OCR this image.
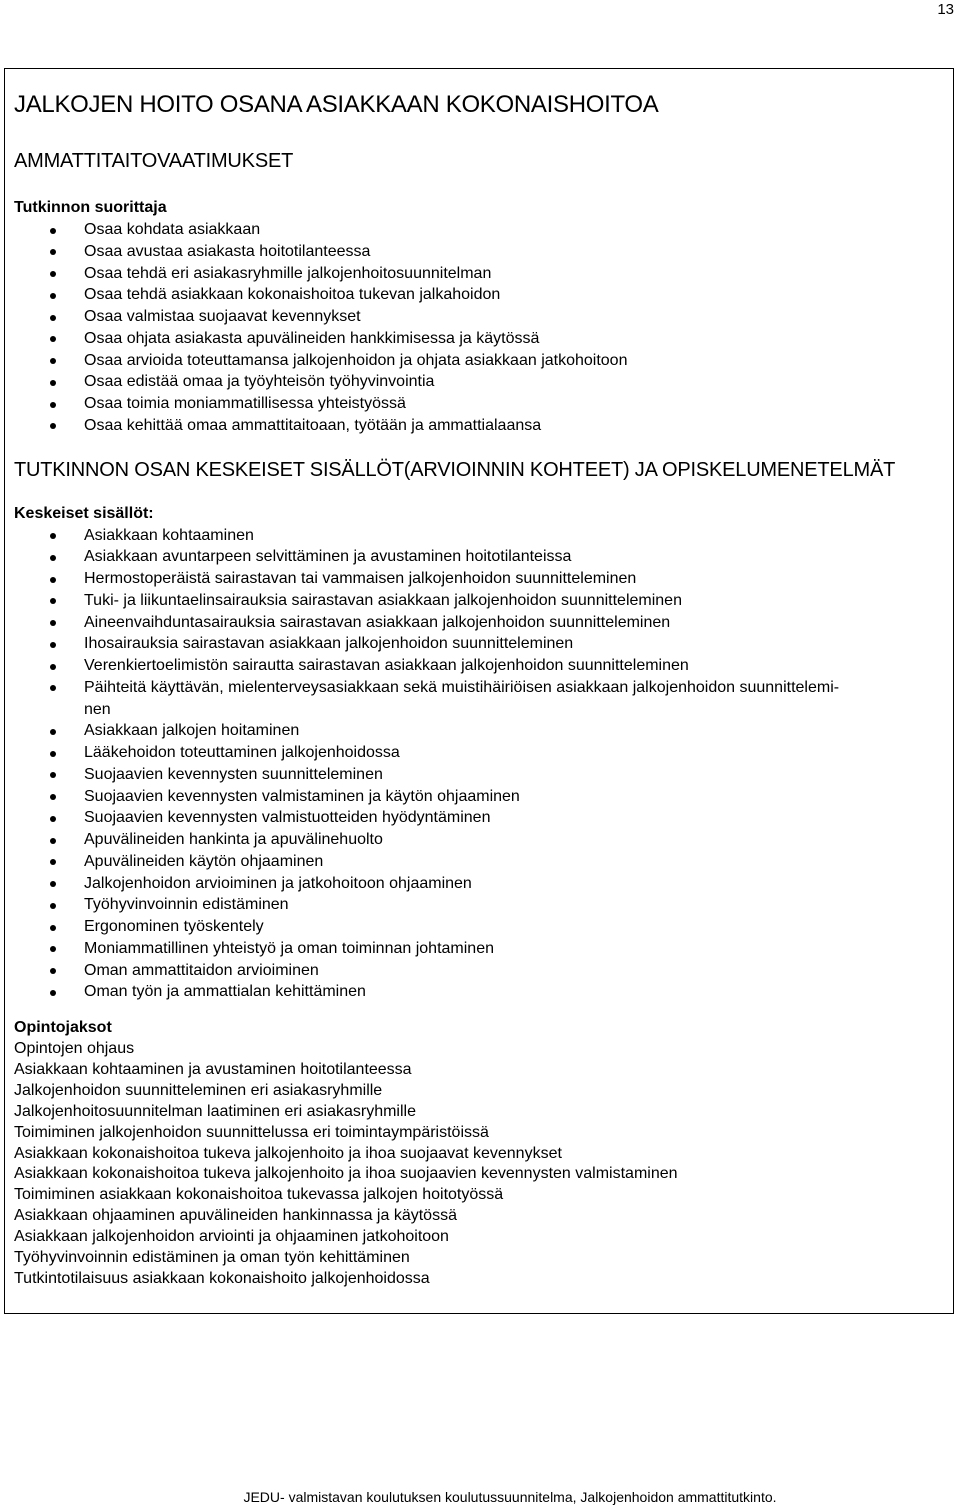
13
JALKOJEN HOITO OSANA ASIAKKAAN KOKONAISHOITOA
AMMATTITAITOVAATIMUKSET
Tutkinnon suorittaja
Osaa kohdata asiakkaan
Osaa avustaa asiakasta hoitotilanteessa
Osaa tehdä eri asiakasryhmille jalkojenhoitosuunnitelman
Osaa tehdä asiakkaan kokonaishoitoa tukevan jalkahoidon
Osaa valmistaa suojaavat kevennykset
Osaa ohjata asiakasta apuvälineiden hankkimisessa ja käytössä
Osaa arvioida toteuttamansa jalkojenhoidon ja ohjata asiakkaan jatkohoitoon
Osaa edistää omaa ja työyhteisön työhyvinvointia
Osaa toimia moniammatillisessa yhteistyössä
Osaa kehittää omaa ammattitaitoaan, työtään ja ammattialaansa
TUTKINNON OSAN KESKEISET SISÄLLÖT(ARVIOINNIN KOHTEET) JA OPISKELUMENETELMÄT
Keskeiset sisällöt:
Asiakkaan kohtaaminen
Asiakkaan avuntarpeen selvittäminen ja avustaminen hoitotilanteissa
Hermostoperäistä sairastavan tai vammaisen jalkojenhoidon suunnitteleminen
Tuki- ja liikuntaelinsairauksia sairastavan asiakkaan jalkojenhoidon suunnitteleminen
Aineenvaihduntasairauksia sairastavan asiakkaan jalkojenhoidon suunnitteleminen
Ihosairauksia sairastavan asiakkaan jalkojenhoidon suunnitteleminen
Verenkiertoelimistön sairautta sairastavan asiakkaan jalkojenhoidon suunnitteleminen
Päihteitä käyttävän, mielenterveysasiakkaan sekä muistihäiriöisen asiakkaan jalkojenhoidon suunnittelemi-
nen
Asiakkaan jalkojen hoitaminen
Lääkehoidon toteuttaminen jalkojenhoidossa
Suojaavien kevennysten suunnitteleminen
Suojaavien kevennysten valmistaminen ja käytön ohjaaminen
Suojaavien kevennysten valmistuotteiden hyödyntäminen
Apuvälineiden hankinta ja apuvälinehuolto
Apuvälineiden käytön ohjaaminen
Jalkojenhoidon arvioiminen ja jatkohoitoon ohjaaminen
Työhyvinvoinnin edistäminen
Ergonominen työskentely
Moniammatillinen yhteistyö ja oman toiminnan johtaminen
Oman ammattitaidon arvioiminen
Oman työn ja ammattialan kehittäminen
Opintojaksot
Opintojen ohjaus
Asiakkaan kohtaaminen ja avustaminen hoitotilanteessa
Jalkojenhoidon suunnitteleminen eri asiakasryhmille
Jalkojenhoitosuunnitelman laatiminen eri asiakasryhmille
Toimiminen jalkojenhoidon suunnittelussa eri toimintaympäristöissä
Asiakkaan kokonaishoitoa tukeva jalkojenhoito ja ihoa suojaavat kevennykset
Asiakkaan kokonaishoitoa tukeva jalkojenhoito ja ihoa suojaavien kevennysten valmistaminen
Toimiminen asiakkaan kokonaishoitoa tukevassa jalkojen hoitotyössä
Asiakkaan ohjaaminen apuvälineiden hankinnassa ja käytössä
Asiakkaan jalkojenhoidon arviointi ja ohjaaminen jatkohoitoon
Työhyvinvoinnin edistäminen ja oman työn kehittäminen
Tutkintotilaisuus asiakkaan kokonaishoito jalkojenhoidossa
JEDU- valmistavan koulutuksen koulutussuunnitelma, Jalkojenhoidon ammattitutkinto.
